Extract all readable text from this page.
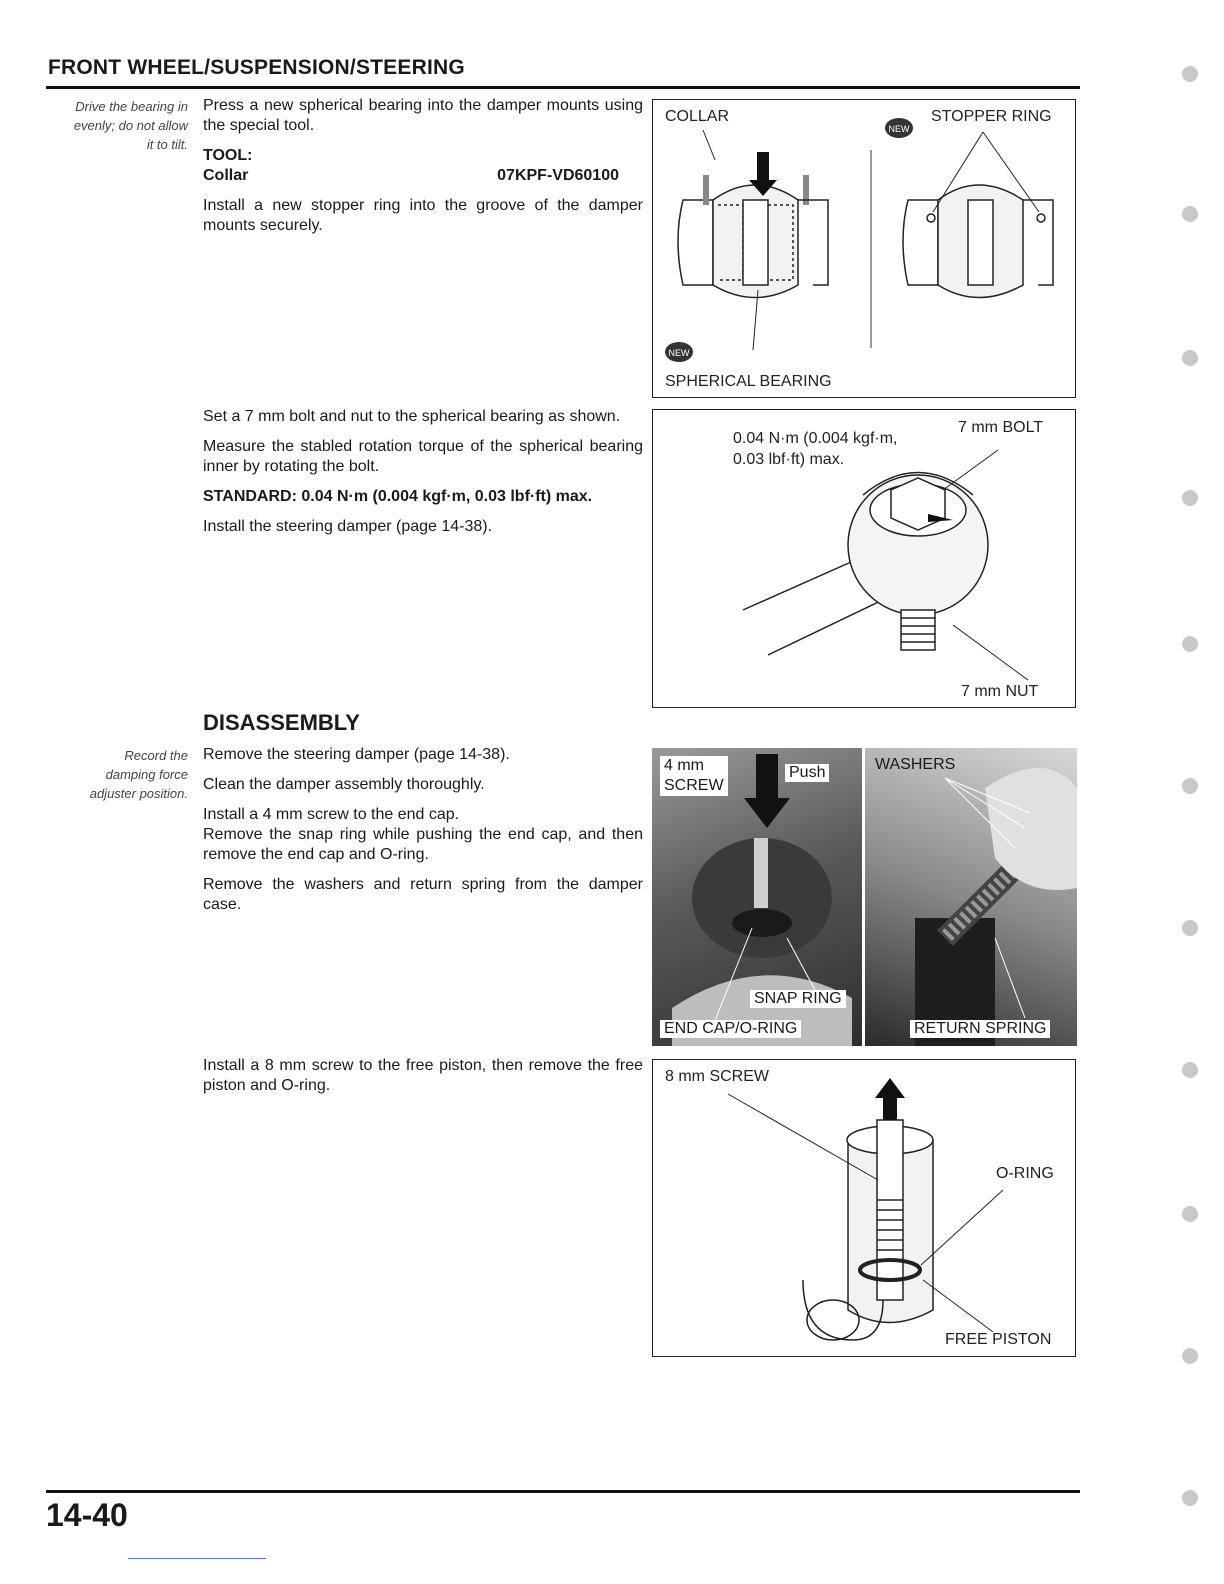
FRONT WHEEL/SUSPENSION/STEERING
Drive the bearing in
evenly; do not allow
it to tilt.

Press a new spherical bearing into the damper mounts using the special tool.

TOOL:
Collar	07KPF-VD60100

Install a new stopper ring into the groove of the damper mounts securely.

NEW
NEW
COLLAR	STOPPER RING
SPHERICAL BEARING

Set a 7 mm bolt and nut to the spherical bearing as shown.

Measure the stabled rotation torque of the spherical bearing inner by rotating the bolt.

STANDARD: 0.04 N·m (0.004 kgf·m, 0.03 lbf·ft) max.

Install the steering damper (page 14-38).

0.04 N·m (0.004 kgf·m,
0.03 lbf·ft) max.
7 mm BOLT
7 mm NUT
DISASSEMBLY
Record the
damping force
adjuster position.

Remove the steering damper (page 14-38).

Clean the damper assembly thoroughly.

Install a 4 mm screw to the end cap.

Remove the snap ring while pushing the end cap, and then remove the end cap and O-ring.

Remove the washers and return spring from the damper case.

4 mm
SCREW
Push
SNAP RING
END CAP/O-RING
WASHERS
RETURN SPRING

Install a 8 mm screw to the free piston, then remove the free piston and O-ring.

8 mm SCREW
O-RING
FREE PISTON
14-40
